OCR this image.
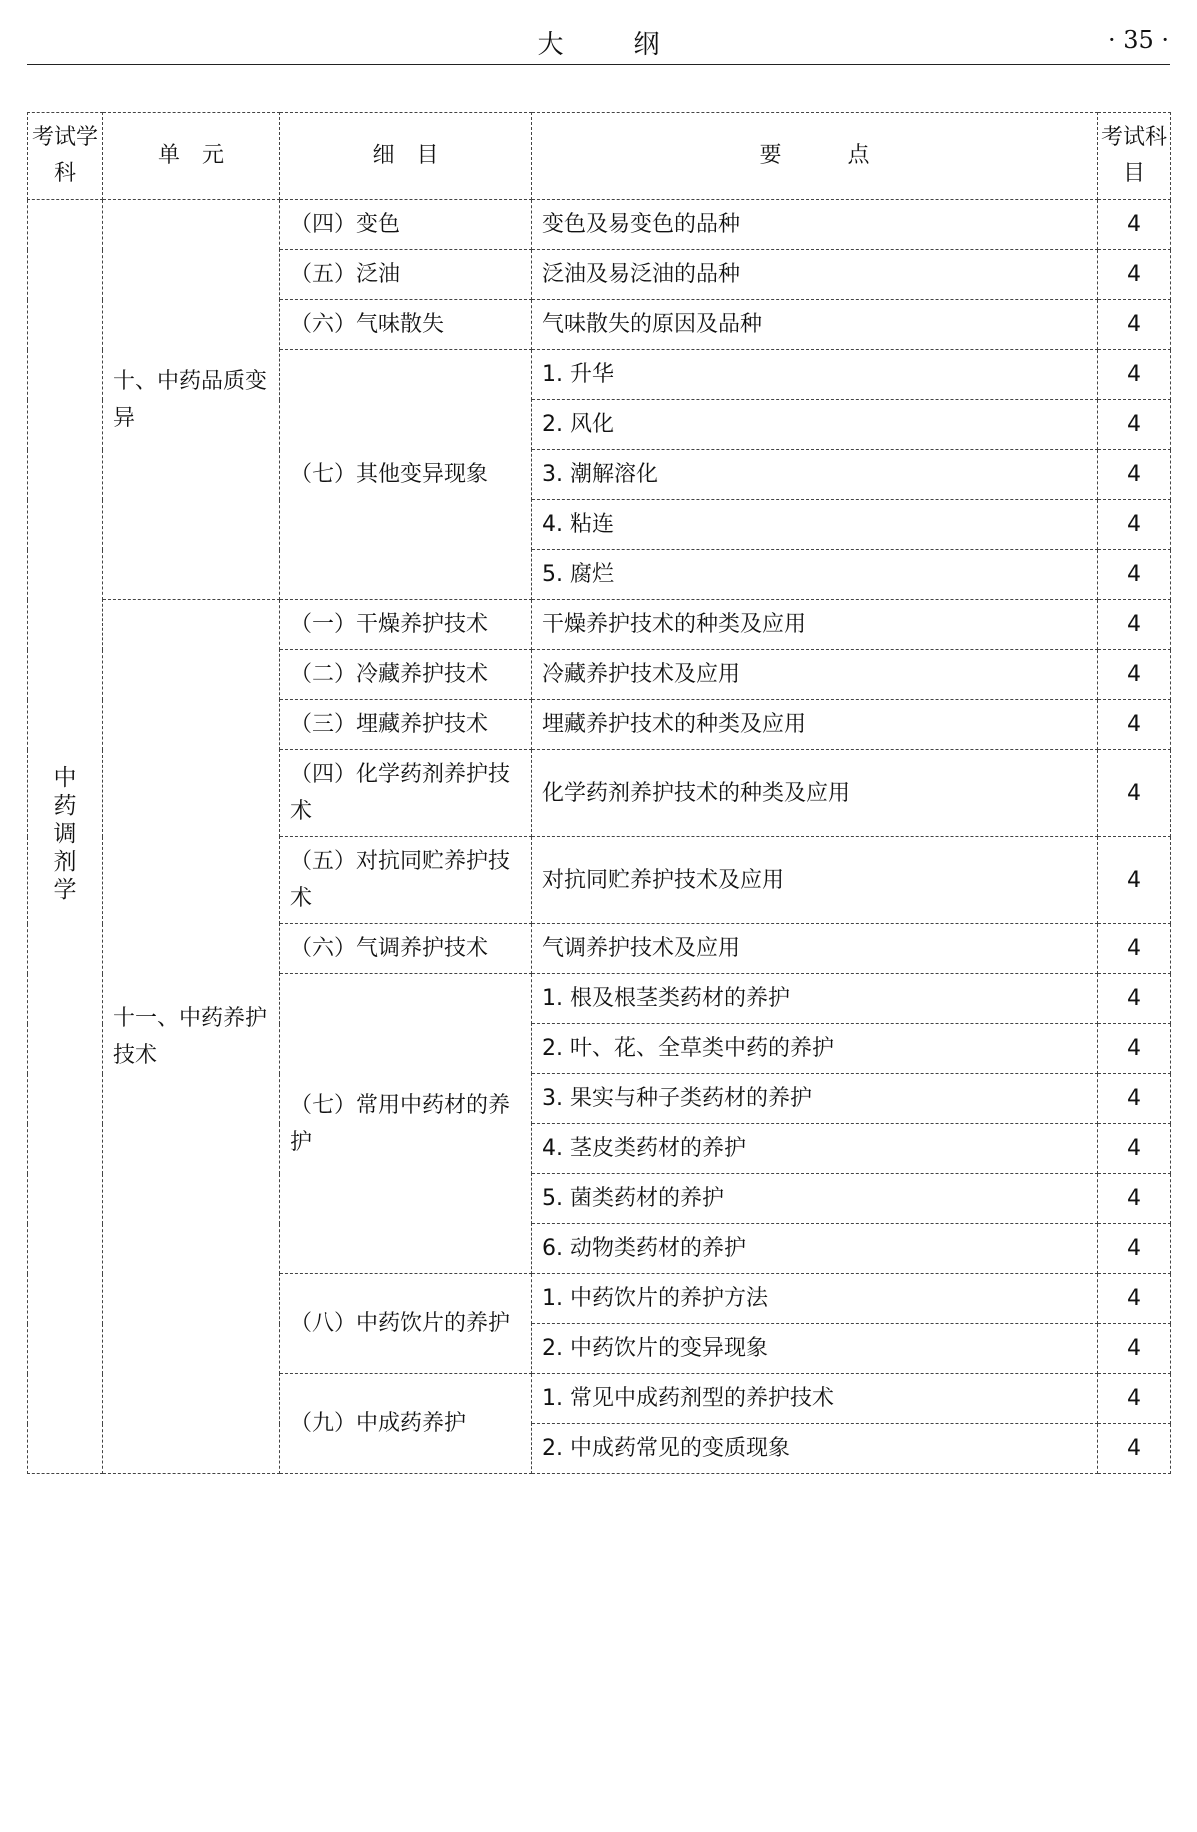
大	纲	· 35 ·
考试学科	单　元	细　目	要　　　点	考试科目
中药调剂学	十、中药品质变异	（四）变色	变色及易变色的品种	4
		（五）泛油	泛油及易泛油的品种	4
		（六）气味散失	气味散失的原因及品种	4
		（七）其他变异现象	1. 升华	4
			2. 风化	4
			3. 潮解溶化	4
			4. 粘连	4
			5. 腐烂	4
	十一、中药养护技术	（一）干燥养护技术	干燥养护技术的种类及应用	4
		（二）冷藏养护技术	冷藏养护技术及应用	4
		（三）埋藏养护技术	埋藏养护技术的种类及应用	4
		（四）化学药剂养护技术	化学药剂养护技术的种类及应用	4
		（五）对抗同贮养护技术	对抗同贮养护技术及应用	4
		（六）气调养护技术	气调养护技术及应用	4
		（七）常用中药材的养护	1. 根及根茎类药材的养护	4
			2. 叶、花、全草类中药的养护	4
			3. 果实与种子类药材的养护	4
			4. 茎皮类药材的养护	4
			5. 菌类药材的养护	4
			6. 动物类药材的养护	4
		（八）中药饮片的养护	1. 中药饮片的养护方法	4
			2. 中药饮片的变异现象	4
		（九）中成药养护	1. 常见中成药剂型的养护技术	4
			2. 中成药常见的变质现象	4
